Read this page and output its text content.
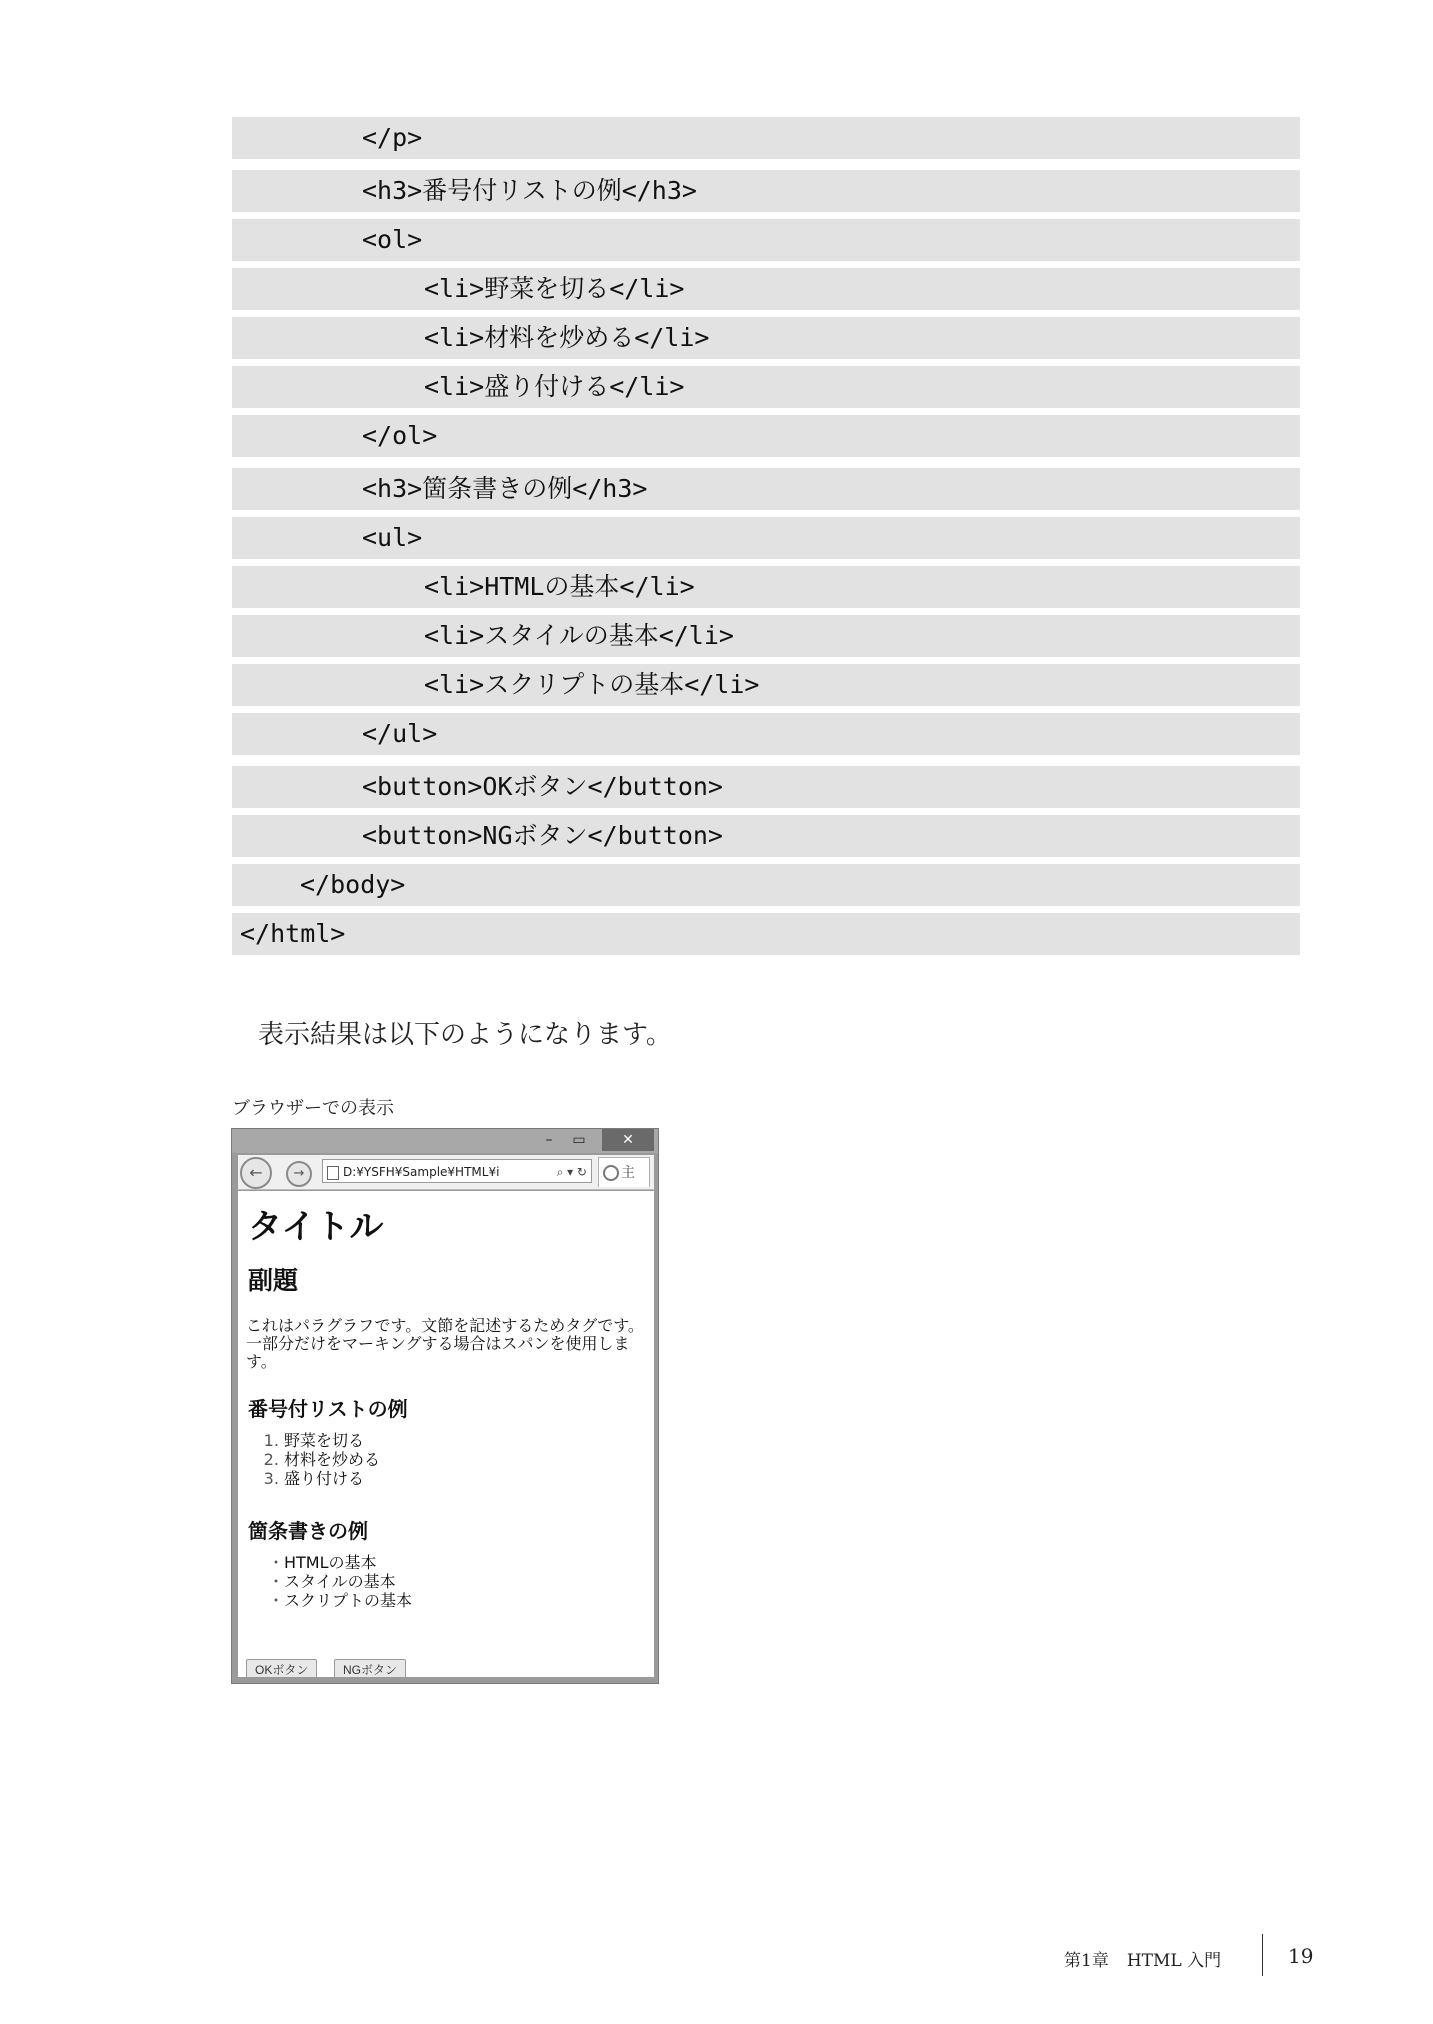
</p>
<h3>番号付リストの例</h3>
<ol>
<li>野菜を切る</li>
<li>材料を炒める</li>
<li>盛り付ける</li>
</ol>
<h3>箇条書きの例</h3>
<ul>
<li>HTMLの基本</li>
<li>スタイルの基本</li>
<li>スクリプトの基本</li>
</ul>
<button>OKボタン</button>
<button>NGボタン</button>
</body>
</html>
表示結果は以下のようになります。
ブラウザーでの表示
–	▭	✕
←	→	D:¥YSFH¥Sample¥HTML¥i	⌕ ▾ ↻	主
タイトル
副題

これはパラグラフです。文節を記述するためタグです。一部分だけをマーキングする場合はスパンを使用します。

番号付リストの例
1. 野菜を切る
2. 材料を炒める
3. 盛り付ける
箇条書きの例
・ HTMLの基本
・ スタイルの基本
・ スクリプトの基本
OKボタン	NGボタン
第1章 HTML 入門	19
